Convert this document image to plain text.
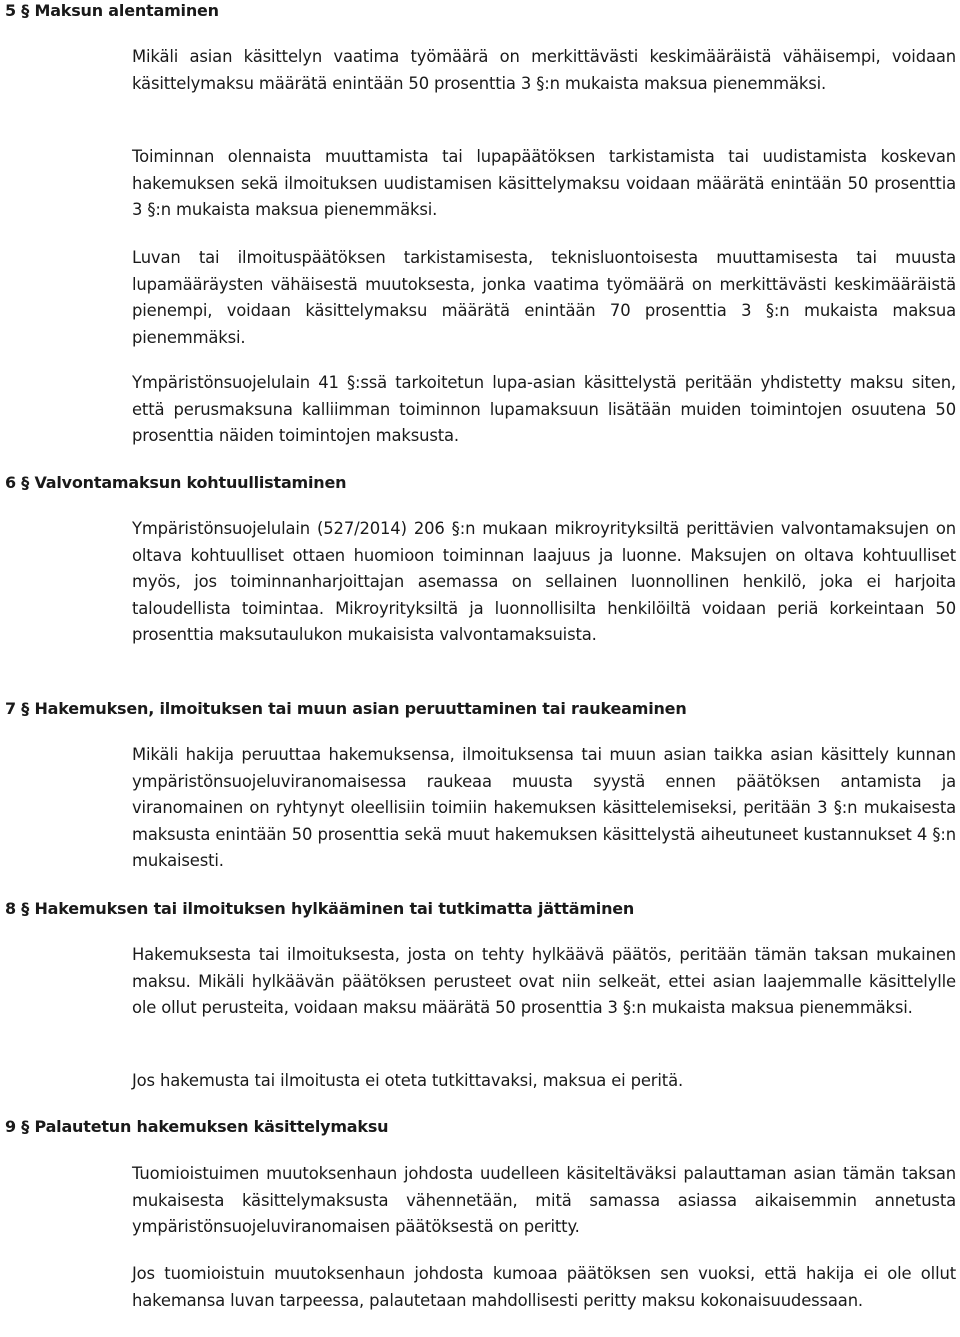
5 § Maksun alentaminen
Mikäli asian käsittelyn vaatima työmäärä on merkittävästi keskimääräistä vähäisempi, voidaan käsittelymaksu määrätä enintään 50 prosenttia 3 §:n mukaista maksua pienemmäksi.
Toiminnan olennaista muuttamista tai lupapäätöksen tarkistamista tai uudistamista koskevan hakemuksen sekä ilmoituksen uudistamisen käsittelymaksu voidaan määrätä enintään 50 prosenttia 3 §:n mukaista maksua pienemmäksi.
Luvan tai ilmoituspäätöksen tarkistamisesta, teknisluontoisesta muuttamisesta tai muusta lupamääräysten vähäisestä muutoksesta, jonka vaatima työmäärä on merkittävästi keskimääräistä pienempi, voidaan käsittelymaksu määrätä enintään 70 prosenttia 3 §:n mukaista maksua pienemmäksi.
Ympäristönsuojelulain 41 §:ssä tarkoitetun lupa-asian käsittelystä peritään yhdistetty maksu siten, että perusmaksuna kalliimman toiminnon lupamaksuun lisätään muiden toimintojen osuutena 50 prosenttia näiden toimintojen maksusta.
6 § Valvontamaksun kohtuullistaminen
Ympäristönsuojelulain (527/2014) 206 §:n mukaan mikroyrityksiltä perittävien valvontamaksujen on oltava kohtuulliset ottaen huomioon toiminnan laajuus ja luonne. Maksujen on oltava kohtuulliset myös, jos toiminnanharjoittajan asemassa on sellainen luonnollinen henkilö, joka ei harjoita taloudellista toimintaa. Mikroyrityksiltä ja luonnollisilta henkilöiltä voidaan periä korkeintaan 50 prosenttia maksutaulukon mukaisista valvontamaksuista.
7 § Hakemuksen, ilmoituksen tai muun asian peruuttaminen tai raukeaminen
Mikäli hakija peruuttaa hakemuksensa, ilmoituksensa tai muun asian taikka asian käsittely kunnan ympäristönsuojeluviranomaisessa raukeaa muusta syystä ennen päätöksen antamista ja viranomainen on ryhtynyt oleellisiin toimiin hakemuksen käsittelemiseksi, peritään 3 §:n mukaisesta maksusta enintään 50 prosenttia sekä muut hakemuksen käsittelystä aiheutuneet kustannukset 4 §:n mukaisesti.
8 § Hakemuksen tai ilmoituksen hylkääminen tai tutkimatta jättäminen
Hakemuksesta tai ilmoituksesta, josta on tehty hylkäävä päätös, peritään tämän taksan mukainen maksu. Mikäli hylkäävän päätöksen perusteet ovat niin selkeät, ettei asian laajemmalle käsittelylle ole ollut perusteita, voidaan maksu määrätä 50 prosenttia 3 §:n mukaista maksua pienemmäksi.
Jos hakemusta tai ilmoitusta ei oteta tutkittavaksi, maksua ei peritä.
9 § Palautetun hakemuksen käsittelymaksu
Tuomioistuimen muutoksenhaun johdosta uudelleen käsiteltäväksi palauttaman asian tämän taksan mukaisesta käsittelymaksusta vähennetään, mitä samassa asiassa aikaisemmin annetusta ympäristönsuojeluviranomaisen päätöksestä on peritty.
Jos tuomioistuin muutoksenhaun johdosta kumoaa päätöksen sen vuoksi, että hakija ei ole ollut hakemansa luvan tarpeessa, palautetaan mahdollisesti peritty maksu kokonaisuudessaan.
